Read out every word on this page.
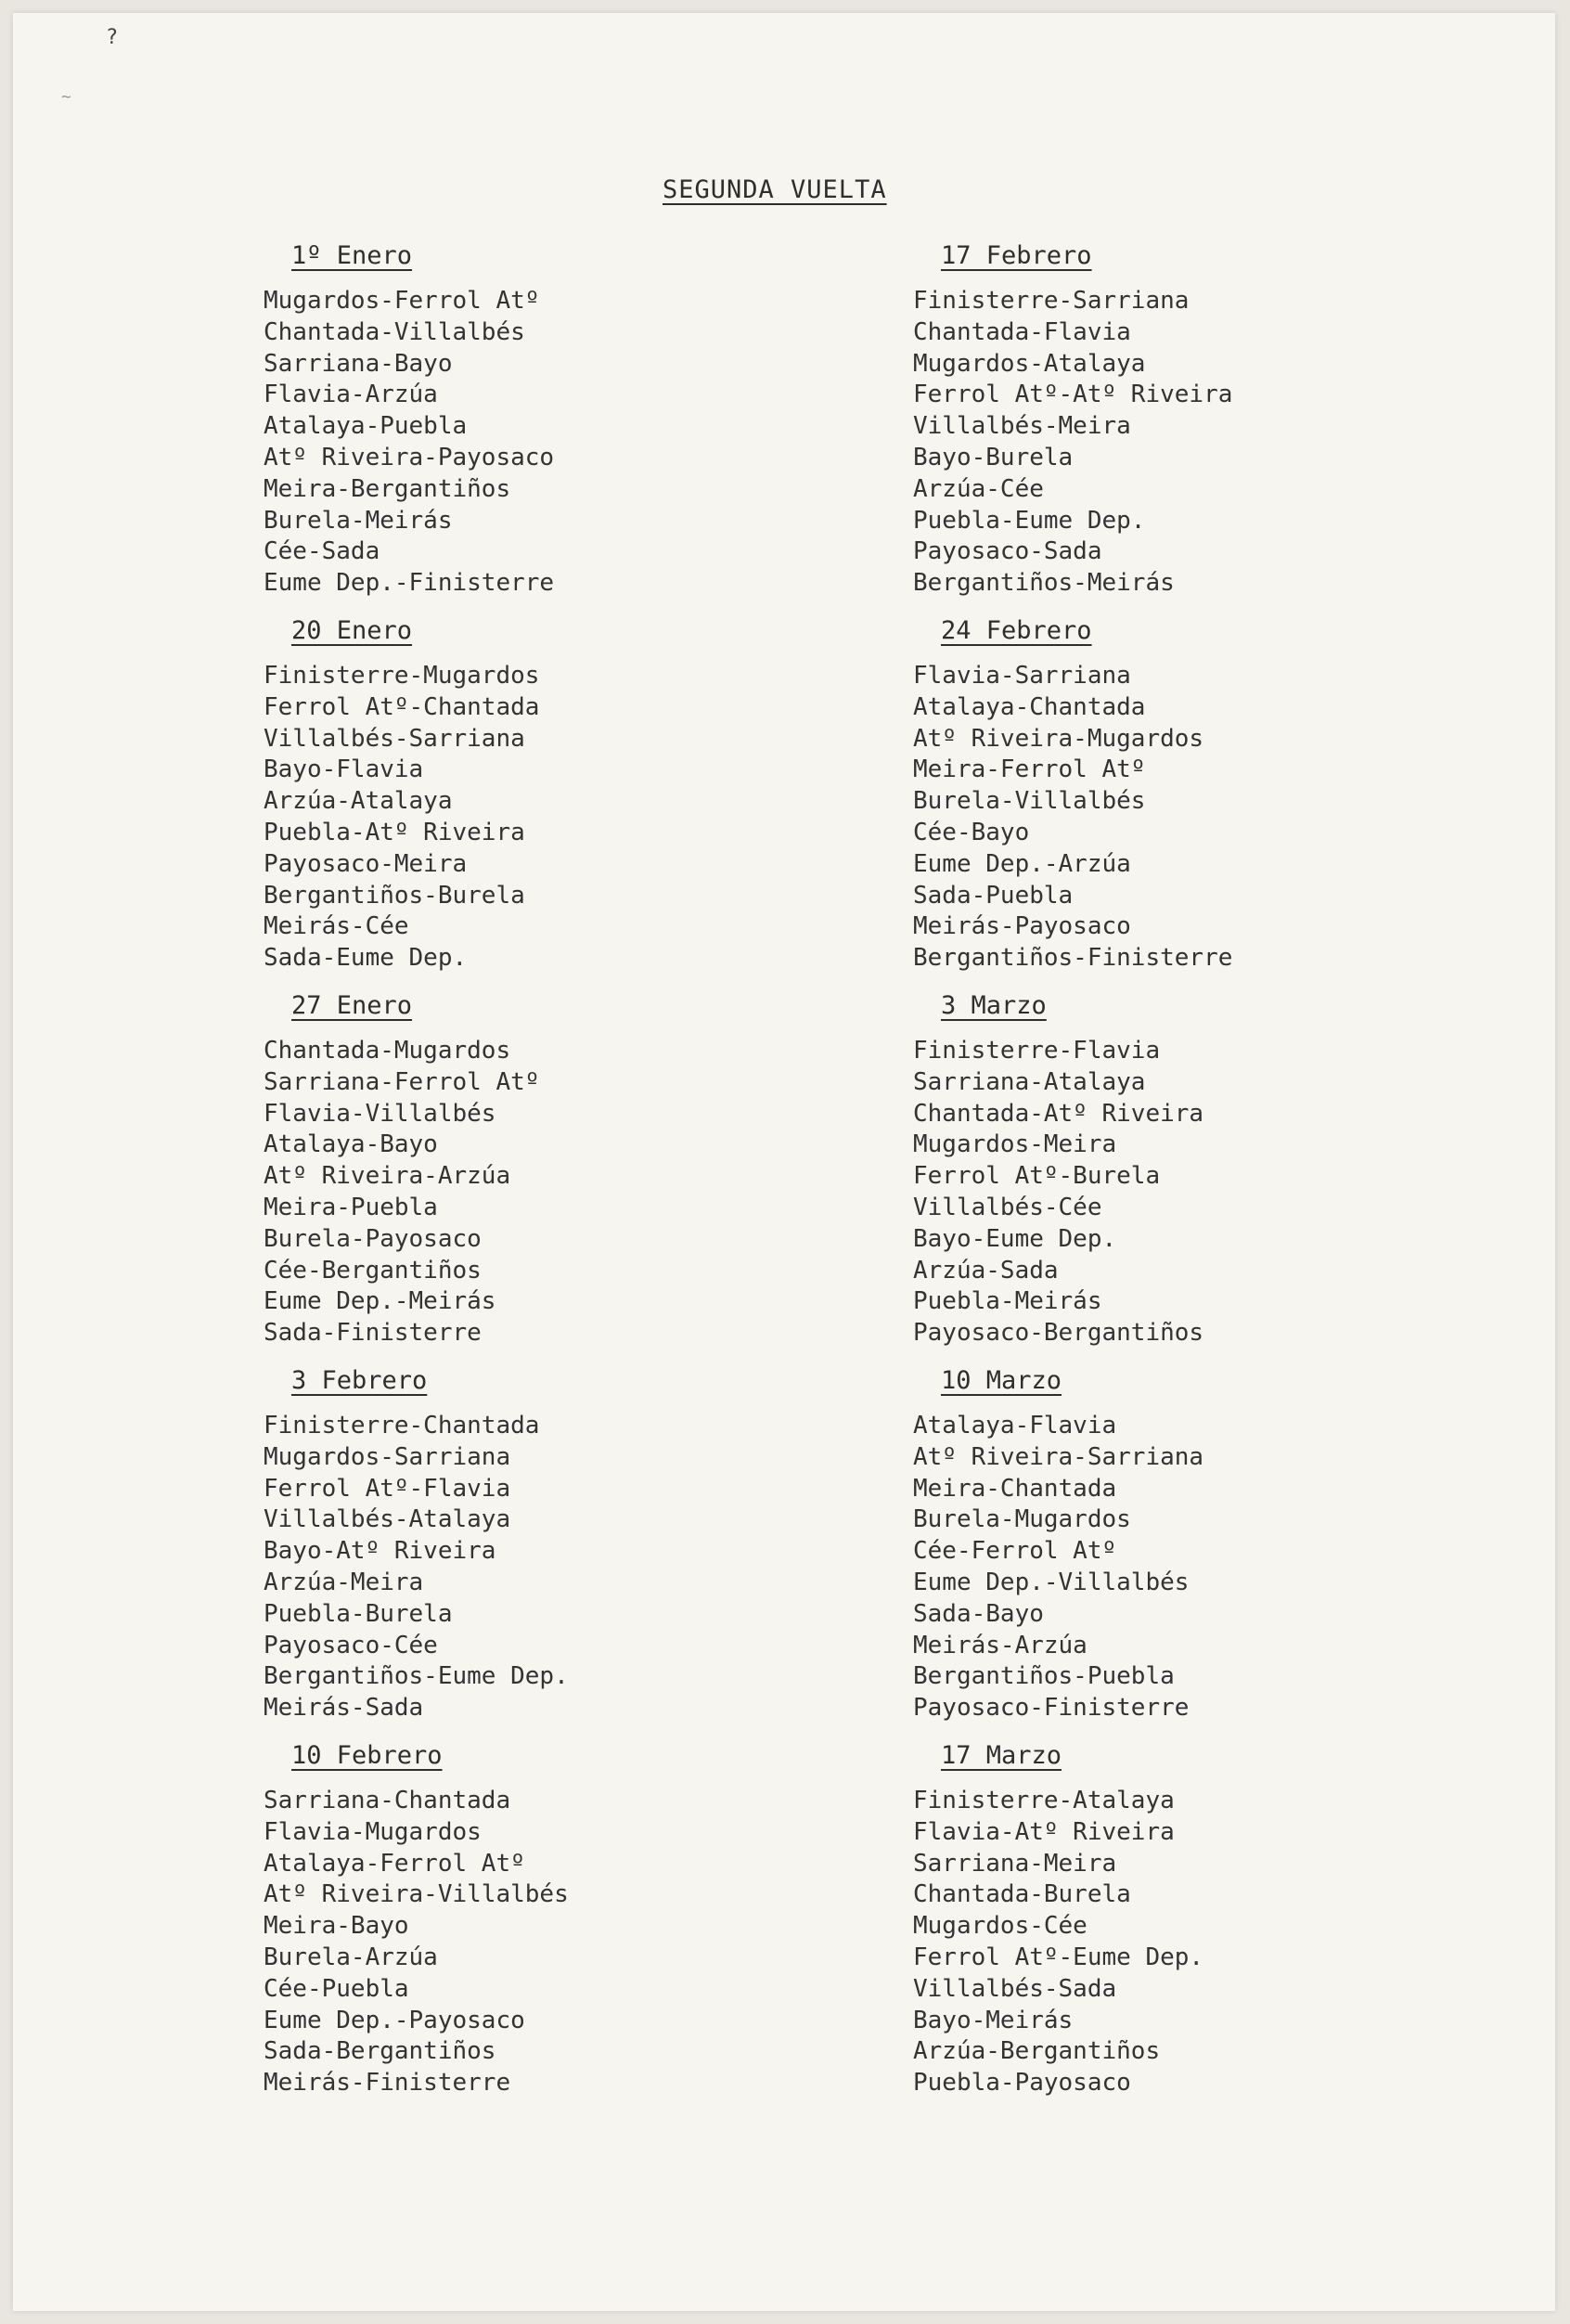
?
~
SEGUNDA VUELTA
1º Enero
Mugardos-Ferrol Atº
Chantada-Villalbés
Sarriana-Bayo
Flavia-Arzúa
Atalaya-Puebla
Atº Riveira-Payosaco
Meira-Bergantiños
Burela-Meirás
Cée-Sada
Eume Dep.-Finisterre
20 Enero
Finisterre-Mugardos
Ferrol Atº-Chantada
Villalbés-Sarriana
Bayo-Flavia
Arzúa-Atalaya
Puebla-Atº Riveira
Payosaco-Meira
Bergantiños-Burela
Meirás-Cée
Sada-Eume Dep.
27 Enero
Chantada-Mugardos
Sarriana-Ferrol Atº
Flavia-Villalbés
Atalaya-Bayo
Atº Riveira-Arzúa
Meira-Puebla
Burela-Payosaco
Cée-Bergantiños
Eume Dep.-Meirás
Sada-Finisterre
3 Febrero
Finisterre-Chantada
Mugardos-Sarriana
Ferrol Atº-Flavia
Villalbés-Atalaya
Bayo-Atº Riveira
Arzúa-Meira
Puebla-Burela
Payosaco-Cée
Bergantiños-Eume Dep.
Meirás-Sada
10 Febrero
Sarriana-Chantada
Flavia-Mugardos
Atalaya-Ferrol Atº
Atº Riveira-Villalbés
Meira-Bayo
Burela-Arzúa
Cée-Puebla
Eume Dep.-Payosaco
Sada-Bergantiños
Meirás-Finisterre
17 Febrero
Finisterre-Sarriana
Chantada-Flavia
Mugardos-Atalaya
Ferrol Atº-Atº Riveira
Villalbés-Meira
Bayo-Burela
Arzúa-Cée
Puebla-Eume Dep.
Payosaco-Sada
Bergantiños-Meirás
24 Febrero
Flavia-Sarriana
Atalaya-Chantada
Atº Riveira-Mugardos
Meira-Ferrol Atº
Burela-Villalbés
Cée-Bayo
Eume Dep.-Arzúa
Sada-Puebla
Meirás-Payosaco
Bergantiños-Finisterre
3 Marzo
Finisterre-Flavia
Sarriana-Atalaya
Chantada-Atº Riveira
Mugardos-Meira
Ferrol Atº-Burela
Villalbés-Cée
Bayo-Eume Dep.
Arzúa-Sada
Puebla-Meirás
Payosaco-Bergantiños
10 Marzo
Atalaya-Flavia
Atº Riveira-Sarriana
Meira-Chantada
Burela-Mugardos
Cée-Ferrol Atº
Eume Dep.-Villalbés
Sada-Bayo
Meirás-Arzúa
Bergantiños-Puebla
Payosaco-Finisterre
17 Marzo
Finisterre-Atalaya
Flavia-Atº Riveira
Sarriana-Meira
Chantada-Burela
Mugardos-Cée
Ferrol Atº-Eume Dep.
Villalbés-Sada
Bayo-Meirás
Arzúa-Bergantiños
Puebla-Payosaco
